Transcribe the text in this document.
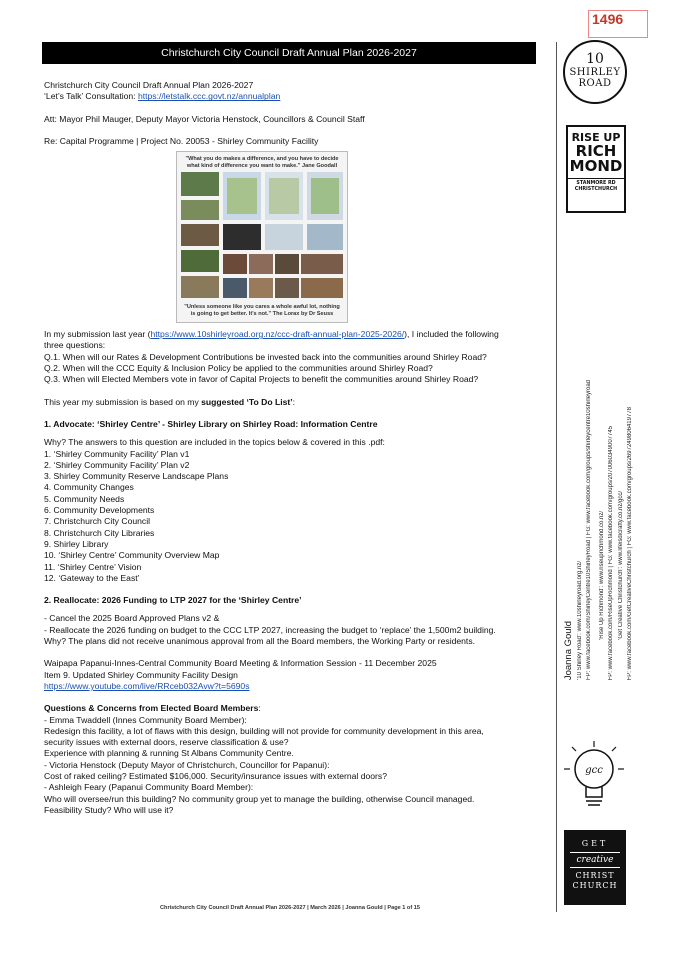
1496
Christchurch City Council Draft Annual Plan 2026-2027

Christchurch City Council Draft Annual Plan 2026-2027

‘Let’s Talk’ Consultation: https://letstalk.ccc.govt.nz/annualplan

Att: Mayor Phil Mauger, Deputy Mayor Victoria Henstock, Councillors & Council Staff

Re: Capital Programme | Project No. 20053 - Shirley Community Facility

"What you do makes a difference, and you have to decide what kind of difference you want to make." Jane Goodall
"Unless someone like you cares a whole awful lot, nothing is going to get better. It's not." The Lorax by Dr Seuss

In my submission last year (https://www.10shirleyroad.org.nz/ccc-draft-annual-plan-2025-2026/), I included the following

three questions:

Q.1. When will our Rates & Development Contributions be invested back into the communities around Shirley Road?

Q.2. When will the CCC Equity & Inclusion Policy be applied to the communities around Shirley Road?

Q.3. When will Elected Members vote in favor of Capital Projects to benefit the communities around Shirley Road?

This year my submission is based on my suggested ‘To Do List’:

1. Advocate: ‘Shirley Centre’ - Shirley Library on Shirley Road: Information Centre

Why? The answers to this question are included in the topics below & covered in this .pdf:

1. ‘Shirley Community Facility’ Plan v1

2. ‘Shirley Community Facility’ Plan v2

3. Shirley Community Reserve Landscape Plans

4. Community Changes

5. Community Needs

6. Community Developments

7. Christchurch City Council

8. Christchurch City Libraries

9. Shirley Library

10. ‘Shirley Centre’ Community Overview Map

11. ‘Shirley Centre’ Vision

12. ‘Gateway to the East’

2. Reallocate: 2026 Funding to LTP 2027 for the ‘Shirley Centre’

- Cancel the 2025 Board Approved Plans v2 &

- Reallocate the 2026 funding on budget to the CCC LTP 2027, increasing the budget to ‘replace’ the 1,500m2 building.

Why? The plans did not receive unanimous approval from all the Board members, the Working Party or residents.

Waipapa Papanui-Innes-Central Community Board Meeting & Information Session - 11 December 2025

Item 9. Updated Shirley Community Facility Design

https://www.youtube.com/live/RRceb032Avw?t=5690s

Questions & Concerns from Elected Board Members:

- Emma Twaddell (Innes Community Board Member):

Redesign this facility, a lot of flaws with this design, building will not provide for community development in this area,

security issues with external doors, reserve classification & use?

Experience with planning & running St Albans Community Centre.

- Victoria Henstock (Deputy Mayor of Christchurch, Councillor for Papanui):

Cost of raked ceiling? Estimated $106,000. Security/insurance issues with external doors?

- Ashleigh Feary (Papanui Community Board Member):

Who will oversee/run this building? No community group yet to manage the building, otherwise Council managed.

Feasibility Study? Who will use it?

Christchurch City Council Draft Annual Plan 2026-2027 | March 2026 | Joanna Gould | Page 1 of 15
10
SHIRLEY
ROAD
RISE UP
RICH
MOND
STANMORE RD
CHRISTCHURCH
Joanna Gould ‘10 Shirley Road’: www.10shirleyroad.org.nz/ FP: www.facebook.com/ShirleyCentre10ShirleyRoad | FG: www.facebook.com/groups/shirleycentre10shirleyroad ‘Rise Up Richmond’: www.riseuprichmond.co.nz/ FP: www.facebook.com/RiseUpRichmond | FG: www.facebook.com/groups/2070060349007745 ‘Get Creative Christchurch’: www.lifeisdicrafty.co.nz/gcc/ FP: www.facebook.com/GetCreativeChristchurch | FG: www.facebook.com/groups/2697249806419778
gcc
GET
creative
CHRIST
CHURCH
